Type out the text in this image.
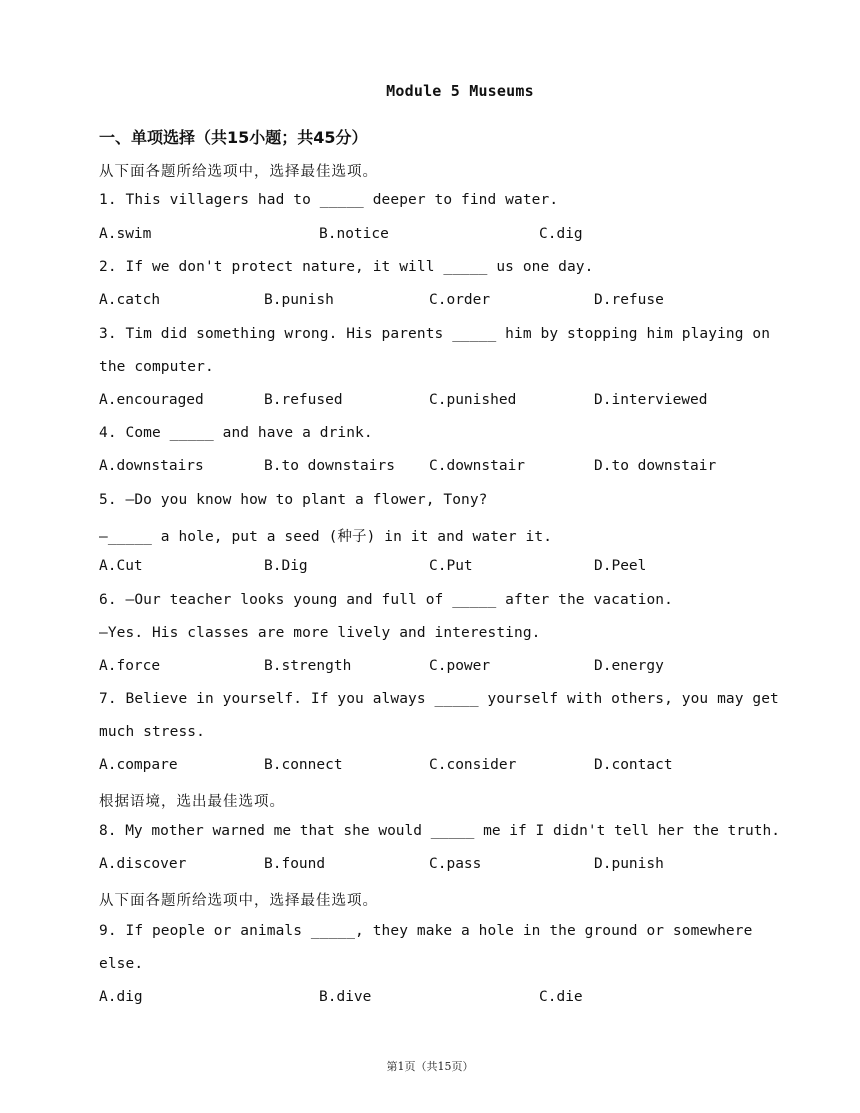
Module 5 Museums
一、单项选择（共15小题；共45分）
从下面各题所给选项中，选择最佳选项。
1. This villagers had to _____ deeper to find water.
A.swim	B.notice	C.dig
2. If we don't protect nature, it will _____ us one day.
A.catch	B.punish	C.order	D.refuse
3. Tim did something wrong. His parents _____ him by stopping him playing on
the computer.
A.encouraged	B.refused	C.punished	D.interviewed
4. Come _____ and have a drink.
A.downstairs	B.to downstairs C.downstair	D.to downstair
5. —Do you know how to plant a flower, Tony?
—_____ a hole, put a seed (种子) in it and water it.
A.Cut	B.Dig	C.Put	D.Peel
6. —Our teacher looks young and full of _____ after the vacation.
—Yes. His classes are more lively and interesting.
A.force	B.strength	C.power	D.energy
7. Believe in yourself. If you always _____ yourself with others, you may get
much stress.
A.compare	B.connect	C.consider	D.contact
根据语境，选出最佳选项。
8. My mother warned me that she would _____ me if I didn't tell her the truth.
A.discover	B.found	C.pass	D.punish
从下面各题所给选项中，选择最佳选项。
9. If people or animals _____, they make a hole in the ground or somewhere
else.
A.dig	B.dive	C.die
第1页（共15页）
